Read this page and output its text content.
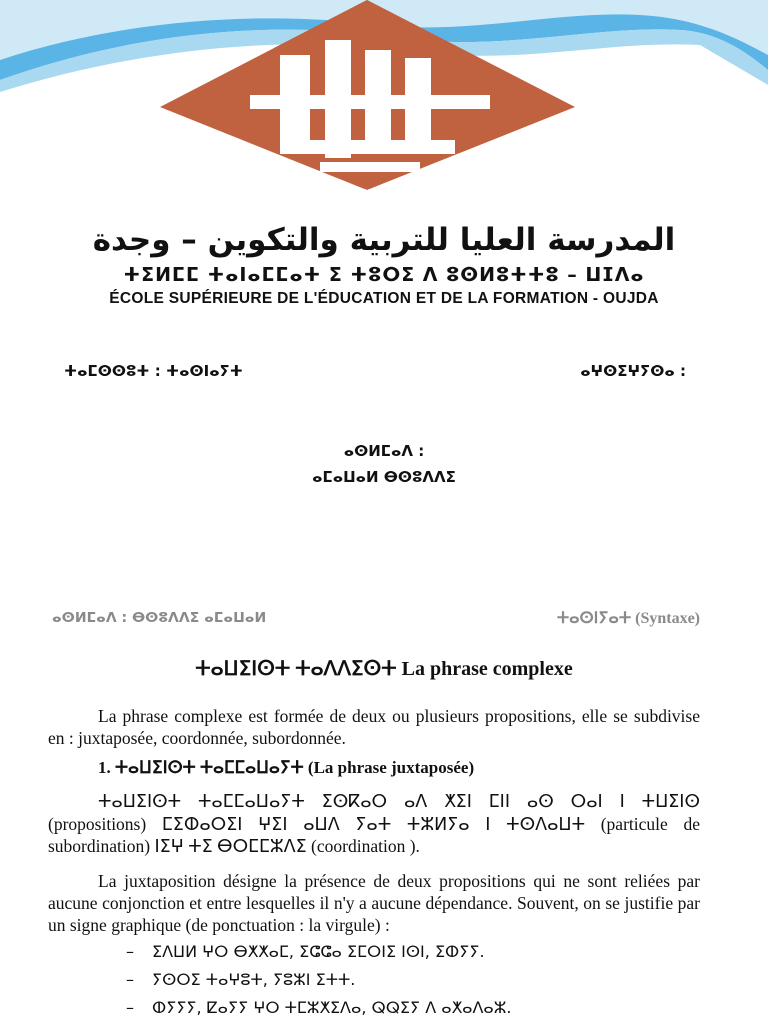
1398
1978
المدرسة العليا للتربية والتكوين – وجدة
ⵜⵉⵍⵎⵎ ⵜⴰⵏⴰⵎⵎⴰⵜ ⵉ ⵜⵓⵔⵉ ⴷ ⵓⵙⵍⵓⵜⵜⵓ – ⵡⵊⴷⴰ
ÉCOLE SUPÉRIEURE DE L'ÉDUCATION ET DE LA FORMATION - OUJDA
ⵜⴰⵎⵙⵙⵓⵜ : ⵜⴰⵙⵏⴰⵢⵜ	ⴰⵖⵙⵉⵖⵢⵙⴰ :
ⴰⵙⵍⵎⴰⴷ :
ⴰⵎⴰⵡⴰⵍ ⴱⵙⵓⴷⴷⵉ
ⴰⵙⵍⵎⴰⴷ : ⴱⵙⵓⴷⴷⵉ ⴰⵎⴰⵡⴰⵍ	ⵜⴰⵙⵏⵢⴰⵜ (Syntaxe)
ⵜⴰⵡⵉⵏⵙⵜ ⵜⴰⴷⴷⵉⵙⵜ La phrase complexe
La phrase complexe est formée de deux ou plusieurs propositions, elle se subdivise en : juxtaposée, coordonnée, subordonnée.
1. ⵜⴰⵡⵉⵏⵙⵜ ⵜⴰⵎⵎⴰⵡⴰⵢⵜ (La phrase juxtaposée)
ⵜⴰⵡⵉⵏⵙⵜ ⵜⴰⵎⵎⴰⵡⴰⵢⵜ ⵉⵙⴽⴰⵔ ⴰⴷ ⵅⵉⵏ ⵎⵏⵏ ⴰⵙ ⵔⴰⵏ ⵏ ⵜⵡⵉⵏⵙ (propositions) ⵎⵉⵀⴰⵔⵉⵏ ⵖⵉⵏ ⴰⵡⴷ ⵢⴰⵜ ⵜⵣⵍⵢⴰ ⵏ ⵜⵙⴷⴰⵡⵜ (particule de subordination) ⵏⵉⵖ ⵜⵉ ⴱⵔⵎⵎⵣⴷⵉ (coordination ).
La juxtaposition désigne la présence de deux propositions qui ne sont reliées par aucune conjonction et entre lesquelles il n'y a aucune dépendance. Souvent, on se justifie par un signe graphique (de ponctuation : la virgule) :
– ⵉⴷⵡⵍ ⵖⵔ ⴱⵅⵅⴰⵎ, ⵉⵛⵛⴰ ⵉⵎⵔⵏⵉ ⵏⵙⵏ, ⵉⵀⵢⵢ.
– ⵢⵙⵔⵉ ⵜⴰⵖⵓⵜ, ⵢⵓⵣⵏ ⵉⵜⵜ.
– ⵀⵢⵢⵢ, ⵇⴰⵢⵢ ⵖⵔ ⵜⵎⵣⵅⵉⴷⴰ, ⵕⵕⵉⵢ ⴷ ⴰⵅⴰⴷⴰⵣ.
